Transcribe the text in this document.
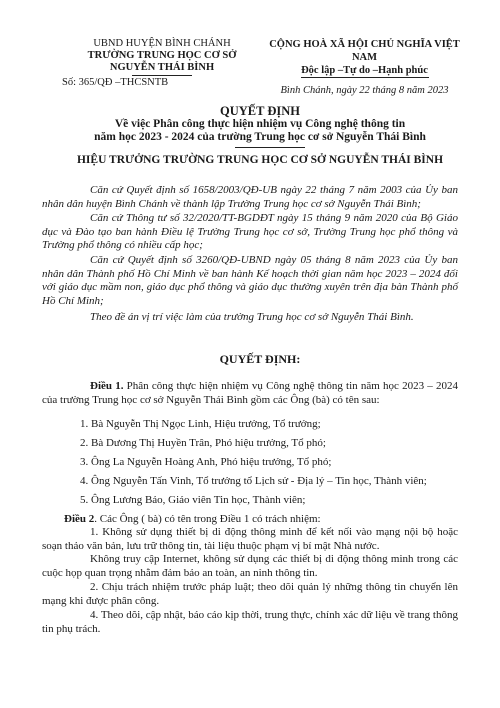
UBND HUYỆN BÌNH CHÁNH
TRƯỜNG TRUNG HỌC CƠ SỞ
NGUYỄN THÁI BÌNH
Số: 365/QĐ –THCSNTB
CỘNG HOÀ XÃ HỘI CHỦ NGHĨA VIỆT NAM
Độc lập –Tự do –Hạnh phúc
Bình Chánh, ngày 22 tháng 8 năm 2023
QUYẾT ĐỊNH
Về việc Phân công thực hiện nhiệm vụ Công nghệ thông tin
năm học 2023 - 2024 của trường Trung học cơ sở Nguyễn Thái Bình
HIỆU TRƯỞNG TRƯỜNG TRUNG HỌC CƠ SỞ NGUYỄN THÁI BÌNH
Căn cứ Quyết định số 1658/2003/QĐ-UB ngày 22 tháng 7 năm 2003 của Ủy ban nhân dân huyện Bình Chánh về thành lập Trường Trung học cơ sở Nguyễn Thái Bình;
Căn cứ Thông tư số 32/2020/TT-BGDĐT ngày 15 tháng 9 năm 2020 của Bộ Giáo dục và Đào tạo ban hành Điều lệ Trường Trung học cơ sở, Trường Trung học phổ thông và Trường phổ thông có nhiều cấp học;
Căn cứ Quyết định số 3260/QĐ-UBND ngày 05 tháng 8 năm 2023 của Ủy ban nhân dân Thành phố Hồ Chí Minh về ban hành Kế hoạch thời gian năm học 2023 – 2024 đối với giáo dục mầm non, giáo dục phổ thông và giáo dục thường xuyên trên địa bàn Thành phố Hồ Chí Minh;
Theo đề án vị trí việc làm của trường Trung học cơ sở Nguyễn Thái Bình.
QUYẾT ĐỊNH:
Điều 1. Phân công thực hiện nhiệm vụ Công nghệ thông tin năm học 2023 – 2024 của trường Trung học cơ sở Nguyễn Thái Bình gồm các Ông (bà) có tên sau:
1. Bà Nguyễn Thị Ngọc Linh, Hiệu trưởng, Tổ trưởng;
2. Bà Dương Thị Huyền Trân, Phó hiệu trưởng, Tổ phó;
3. Ông La Nguyễn Hoàng Anh, Phó hiệu trưởng, Tổ phó;
4. Ông Nguyễn Tấn Vinh, Tổ trưởng tổ Lịch sử - Địa lý – Tin học, Thành viên;
5. Ông Lương Bảo, Giáo viên Tin học, Thành viên;
Điều 2. Các Ông ( bà) có tên trong Điều 1 có trách nhiệm:
1. Không sử dụng thiết bị di động thông minh để kết nối vào mạng nội bộ hoặc soạn thảo văn bản, lưu trữ thông tin, tài liệu thuộc phạm vị bí mật Nhà nước.
Không truy cập Internet, không sử dụng các thiết bị di động thông minh trong các cuộc họp quan trọng nhằm đảm bảo an toàn, an ninh thông tin.
2. Chịu trách nhiệm trước pháp luật; theo dõi quản lý những thông tin chuyển lên mạng khi được phân công.
4. Theo dõi, cập nhật, báo cáo kịp thời, trung thực, chính xác dữ liệu về trang thông tin phụ trách.
